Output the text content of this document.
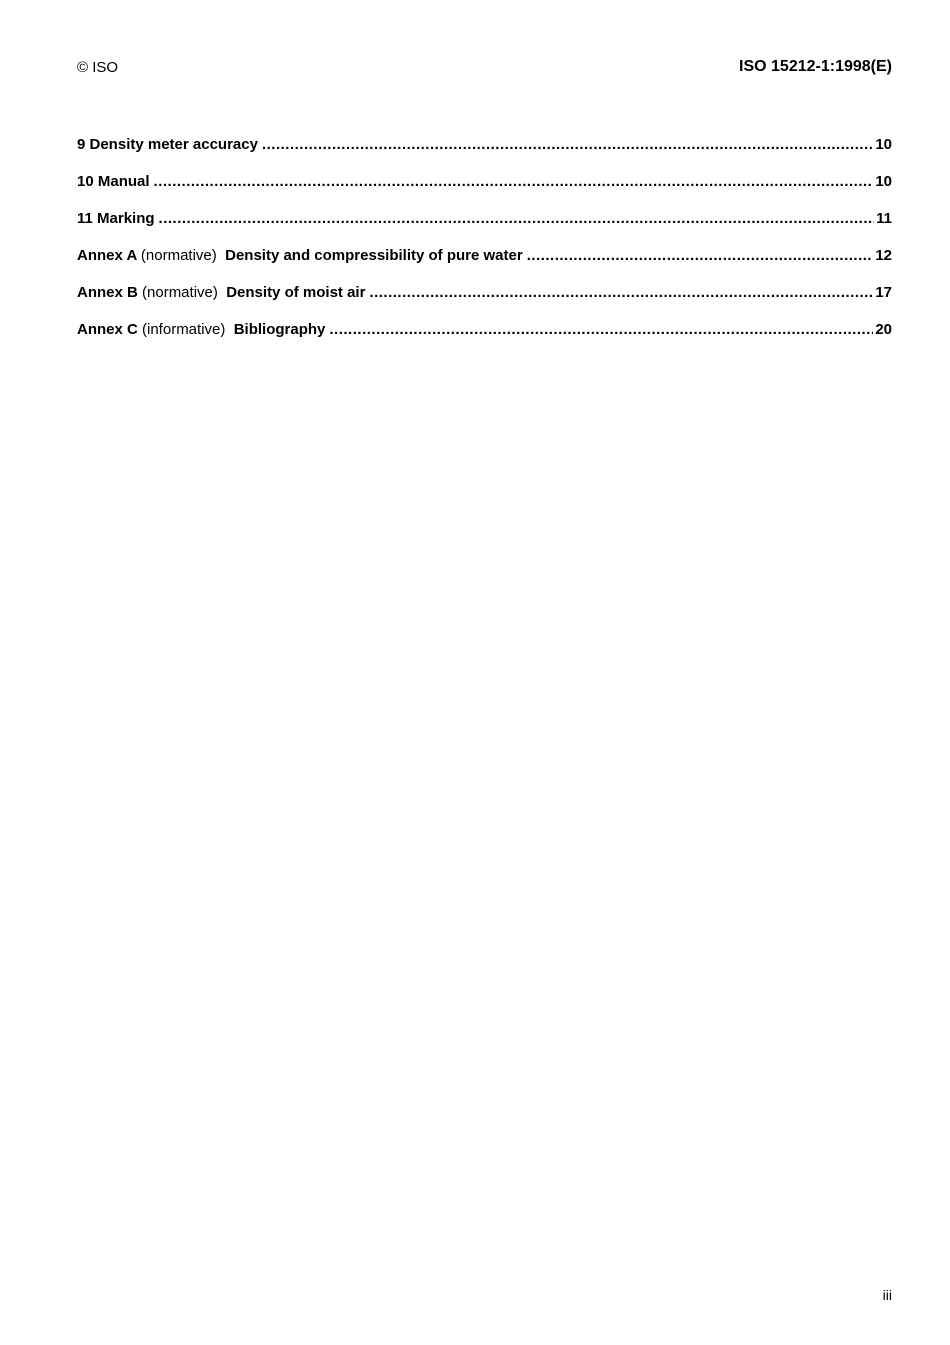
© ISO	ISO 15212-1:1998(E)
9 Density meter accuracy .....	10
10 Manual .....	10
11 Marking .....	11
Annex A (normative) Density and compressibility of pure water .....	12
Annex B (normative) Density of moist air .....	17
Annex C (informative) Bibliography .....	20
iii
